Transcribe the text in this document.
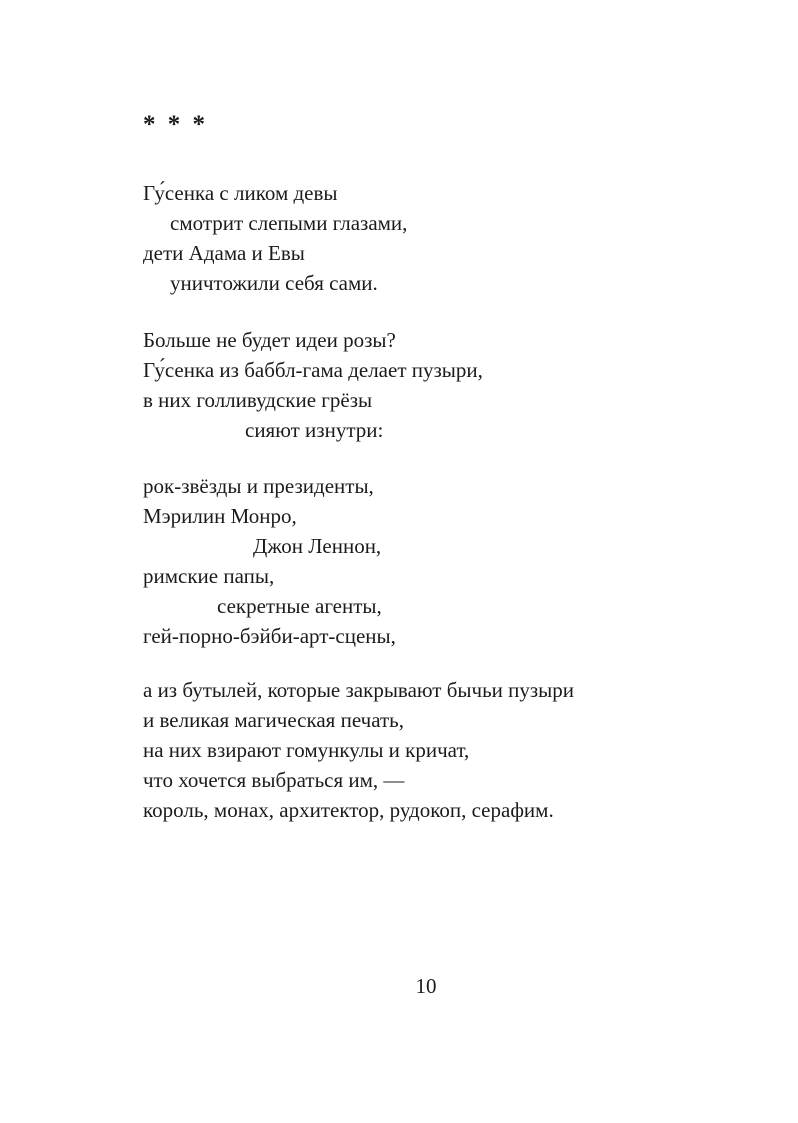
* * *
Гу́сенка с ликом девы
смотрит слепыми глазами,
дети Адама и Евы
уничтожили себя сами.
Больше не будет идеи розы?
Гу́сенка из баббл-гама делает пузыри,
в них голливудские грёзы
сияют изнутри:
рок-звёзды и президенты,
Мэрилин Монро,
Джон Леннон,
римские папы,
секретные агенты,
гей-порно-бэйби-арт-сцены,
а из бутылей, которые закрывают бычьи пузыри
и великая магическая печать,
на них взирают гомункулы и кричат,
что хочется выбраться им, —
король, монах, архитектор, рудокоп, серафим.
10
